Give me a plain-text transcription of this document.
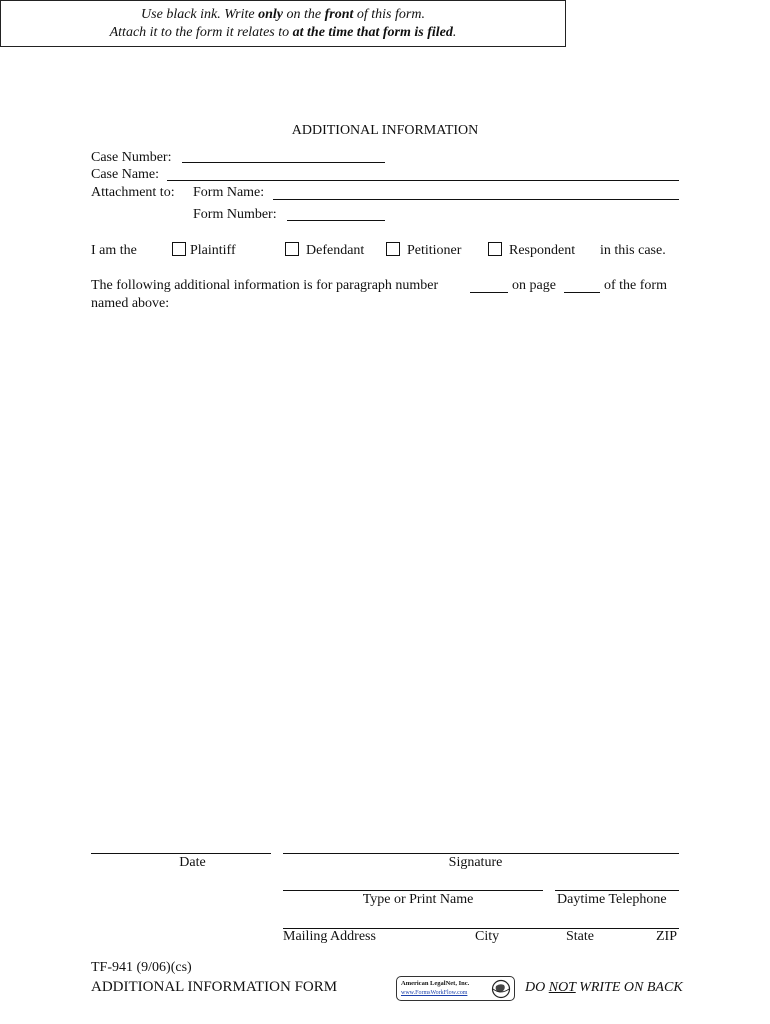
Use black ink. Write only on the front of this form.
Attach it to the form it relates to at the time that form is filed.
ADDITIONAL INFORMATION
Case Number:
Case Name:
Attachment to: Form Name:
Form Number:
I am the	Plaintiff	Defendant	Petitioner	Respondent in this case.
The following additional information is for paragraph number	on page	of the form
named above:
Date	Signature
Type or Print Name	Daytime Telephone
Mailing Address	City	State	ZIP
TF-941 (9/06)(cs)
ADDITIONAL INFORMATION FORM	American LegalNet, Inc.
www.FormsWorkFlow.com	DO NOT WRITE ON BACK
